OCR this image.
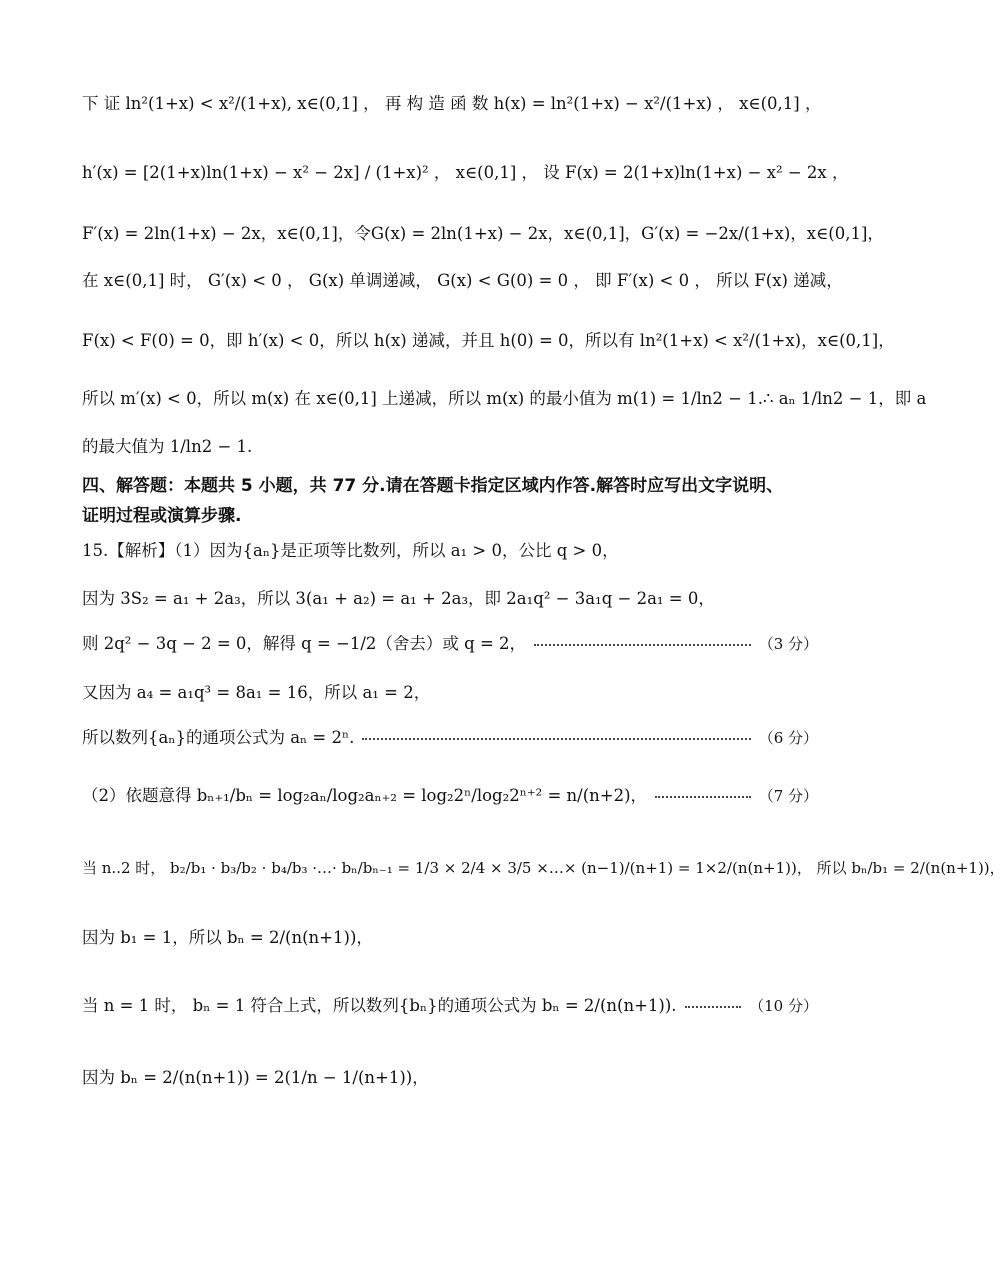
下 证 ln²(1+x) < x²/(1+x), x∈(0,1] ， 再 构 造 函 数 h(x) = ln²(1+x) − x²/(1+x) ， x∈(0,1] ，
h′(x) = [2(1+x)ln(1+x) − x² − 2x] / (1+x)² ， x∈(0,1] ， 设 F(x) = 2(1+x)ln(1+x) − x² − 2x ，
F′(x) = 2ln(1+x) − 2x，x∈(0,1]，令G(x) = 2ln(1+x) − 2x，x∈(0,1]，G′(x) = −2x/(1+x)，x∈(0,1]，
在 x∈(0,1] 时， G′(x) < 0 ， G(x) 单调递减， G(x) < G(0) = 0 ， 即 F′(x) < 0 ， 所以 F(x) 递减，
F(x) < F(0) = 0，即 h′(x) < 0，所以 h(x) 递减，并且 h(0) = 0，所以有 ln²(1+x) < x²/(1+x)，x∈(0,1]，
所以 m′(x) < 0，所以 m(x) 在 x∈(0,1] 上递减，所以 m(x) 的最小值为 m(1) = 1/ln2 − 1.∴ aₙ 1/ln2 − 1，即 a
的最大值为 1/ln2 − 1.
四、解答题：本题共 5 小题，共 77 分.请在答题卡指定区域内作答.解答时应写出文字说明、
证明过程或演算步骤.
15.【解析】（1）因为{aₙ}是正项等比数列，所以 a₁ > 0，公比 q > 0，
因为 3S₂ = a₁ + 2a₃，所以 3(a₁ + a₂) = a₁ + 2a₃，即 2a₁q² − 3a₁q − 2a₁ = 0，
则 2q² − 3q − 2 = 0，解得 q = −1/2（舍去）或 q = 2，	（3 分）
又因为 a₄ = a₁q³ = 8a₁ = 16，所以 a₁ = 2，
所以数列{aₙ}的通项公式为 aₙ = 2ⁿ.	（6 分）
（2）依题意得 bₙ₊₁/bₙ = log₂aₙ/log₂aₙ₊₂ = log₂2ⁿ/log₂2ⁿ⁺² = n/(n+2)，	（7 分）
当 n..2 时， b₂/b₁ · b₃/b₂ · b₄/b₃ ·…· bₙ/bₙ₋₁ = 1/3 × 2/4 × 3/5 ×…× (n−1)/(n+1) = 1×2/(n(n+1))， 所以 bₙ/b₁ = 2/(n(n+1))，
因为 b₁ = 1，所以 bₙ = 2/(n(n+1))，
当 n = 1 时， bₙ = 1 符合上式，所以数列{bₙ}的通项公式为 bₙ = 2/(n(n+1)).	（10 分）
因为 bₙ = 2/(n(n+1)) = 2(1/n − 1/(n+1))，
